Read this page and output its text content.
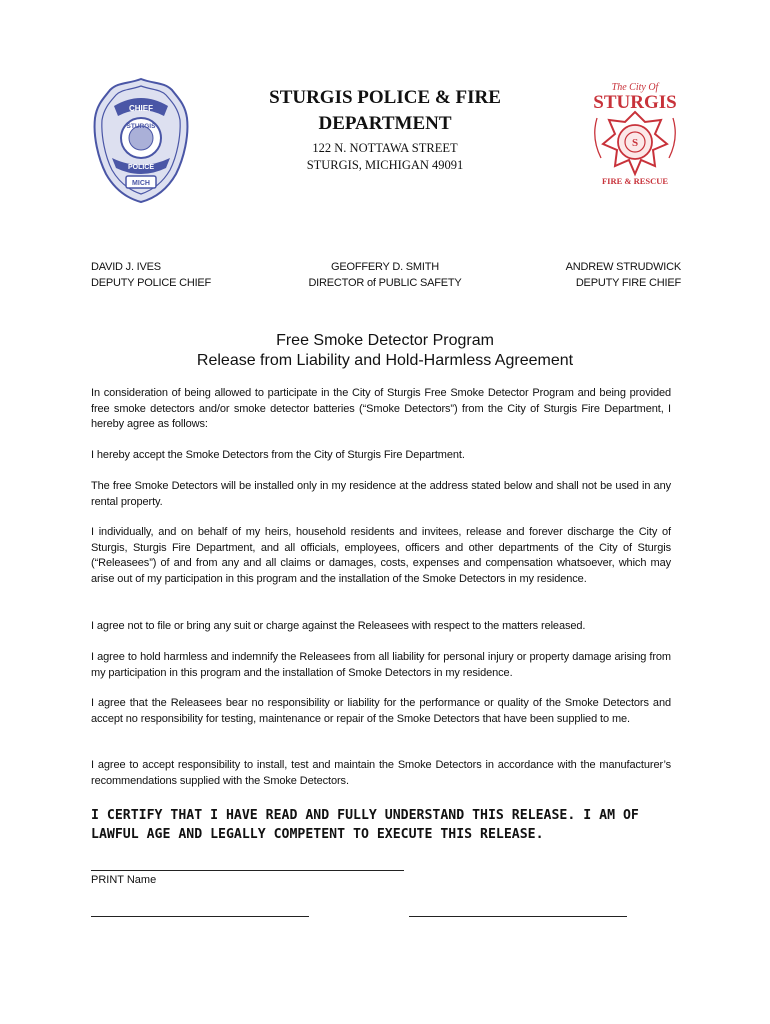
CHIEF
STURGIS
POLICE
MICH
STURGIS POLICE & FIRE
DEPARTMENT
122 N. NOTTAWA STREET
STURGIS, MICHIGAN 49091
The City Of
STURGIS
S
FIRE & RESCUE
DAVID J. IVES
DEPUTY POLICE CHIEF
GEOFFERY D. SMITH
DIRECTOR of PUBLIC SAFETY
ANDREW STRUDWICK
DEPUTY FIRE CHIEF
Free Smoke Detector Program
Release from Liability and Hold-Harmless Agreement
In consideration of being allowed to participate in the City of Sturgis Free Smoke Detector Program and being provided free smoke detectors and/or smoke detector batteries (“Smoke Detectors”) from the City of Sturgis Fire Department, I hereby agree as follows:
I hereby accept the Smoke Detectors from the City of Sturgis Fire Department.
The free Smoke Detectors will be installed only in my residence at the address stated below and shall not be used in any rental property.
I individually, and on behalf of my heirs, household residents and invitees, release and forever discharge the City of Sturgis, Sturgis Fire Department, and all officials, employees, officers and other departments of the City of Sturgis (“Releasees”) of and from any and all claims or damages, costs, expenses and compensation whatsoever, which may arise out of my participation in this program and the installation of the Smoke Detectors in my residence.
I agree not to file or bring any suit or charge against the Releasees with respect to the matters released.
I agree to hold harmless and indemnify the Releasees from all liability for personal injury or property damage arising from my participation in this program and the installation of Smoke Detectors in my residence.
I agree that the Releasees bear no responsibility or liability for the performance or quality of the Smoke Detectors and accept no responsibility for testing, maintenance or repair of the Smoke Detectors that have been supplied to me.
I agree to accept responsibility to install, test and maintain the Smoke Detectors in accordance with the manufacturer’s recommendations supplied with the Smoke Detectors.
I CERTIFY THAT I HAVE READ AND FULLY UNDERSTAND THIS RELEASE. I AM OF LAWFUL AGE AND LEGALLY COMPETENT TO EXECUTE THIS RELEASE.
PRINT Name
